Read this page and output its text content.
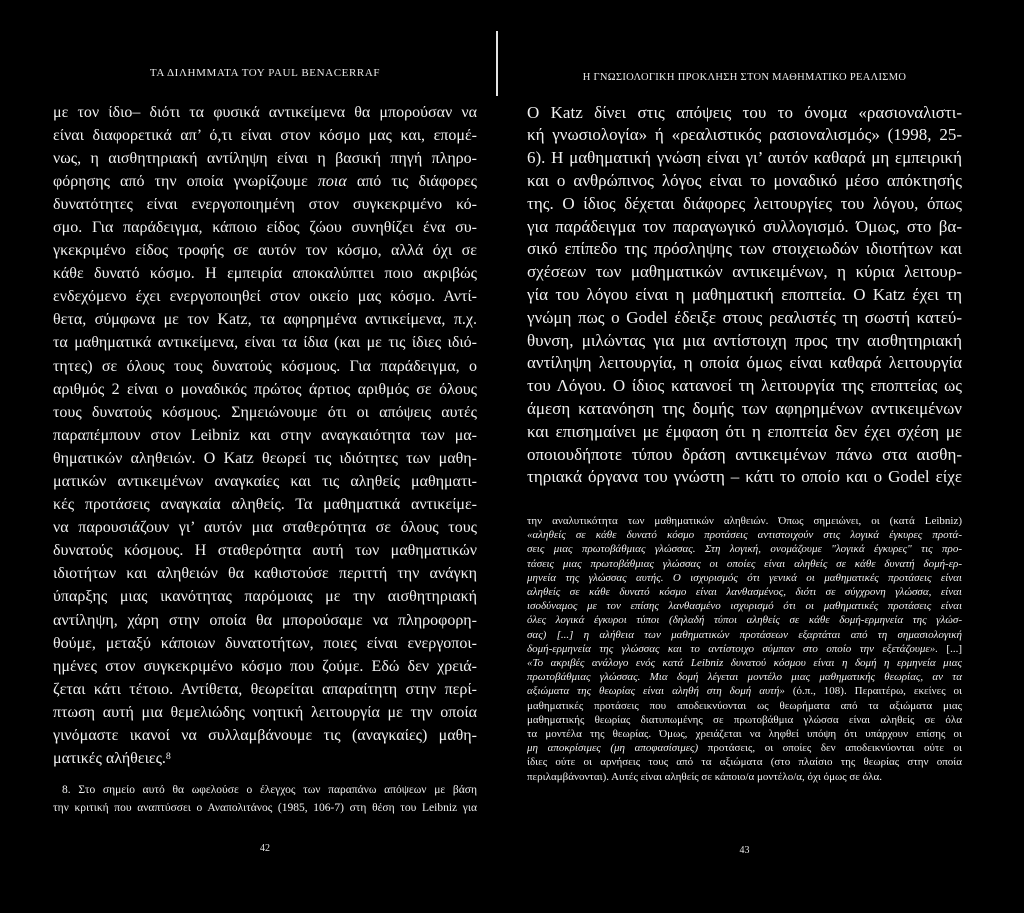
ΤΑ ΔΙΛΗΜΜΑΤΑ ΤΟΥ PAUL BENACERRAF
με τον ίδιο– διότι τα φυσικά αντικείμενα θα μπορούσαν να
είναι διαφορετικά απ’ ό,τι είναι στον κόσμο μας και, επομέ-
νως, η αισθητηριακή αντίληψη είναι η βασική πηγή πληρο-
φόρησης από την οποία γνωρίζουμε ποια από τις διάφορες
δυνατότητες είναι ενεργοποιημένη στον συγκεκριμένο κό-
σμο. Για παράδειγμα, κάποιο είδος ζώου συνηθίζει ένα συ-
γκεκριμένο είδος τροφής σε αυτόν τον κόσμο, αλλά όχι σε
κάθε δυνατό κόσμο. Η εμπειρία αποκαλύπτει ποιο ακριβώς
ενδεχόμενο έχει ενεργοποιηθεί στον οικείο μας κόσμο. Αντί-
θετα, σύμφωνα με τον Katz, τα αφηρημένα αντικείμενα, π.χ.
τα μαθηματικά αντικείμενα, είναι τα ίδια (και με τις ίδιες ιδιό-
τητες) σε όλους τους δυνατούς κόσμους. Για παράδειγμα, ο
αριθμός 2 είναι ο μοναδικός πρώτος άρτιος αριθμός σε όλους
τους δυνατούς κόσμους. Σημειώνουμε ότι οι απόψεις αυτές
παραπέμπουν στον Leibniz και στην αναγκαιότητα των μα-
θηματικών αληθειών. Ο Katz θεωρεί τις ιδιότητες των μαθη-
ματικών αντικειμένων αναγκαίες και τις αληθείς μαθηματι-
κές προτάσεις αναγκαία αληθείς. Τα μαθηματικά αντικείμε-
να παρουσιάζουν γι’ αυτόν μια σταθερότητα σε όλους τους
δυνατούς κόσμους. Η σταθερότητα αυτή των μαθηματικών
ιδιοτήτων και αληθειών θα καθιστούσε περιττή την ανάγκη
ύπαρξης μιας ικανότητας παρόμοιας με την αισθητηριακή
αντίληψη, χάρη στην οποία θα μπορούσαμε να πληροφορη-
θούμε, μεταξύ κάποιων δυνατοτήτων, ποιες είναι ενεργοποι-
ημένες στον συγκεκριμένο κόσμο που ζούμε. Εδώ δεν χρειά-
ζεται κάτι τέτοιο. Αντίθετα, θεωρείται απαραίτητη στην περί-
πτωση αυτή μια θεμελιώδης νοητική λειτουργία με την οποία
γινόμαστε ικανοί να συλλαμβάνουμε τις (αναγκαίες) μαθη-
ματικές αλήθειες.$^8$
8. Στο σημείο αυτό θα ωφελούσε ο έλεγχος των παραπάνω απόψεων με βάση
την κριτική που αναπτύσσει ο Αναπολιτάνος (1985, 106-7) στη θέση του Leibniz για
42
Η ΓΝΩΣΙΟΛΟΓΙΚΗ ΠΡΟΚΛΗΣΗ ΣΤΟΝ ΜΑΘΗΜΑΤΙΚΟ ΡΕΑΛΙΣΜΟ
Ο Katz δίνει στις απόψεις του το όνομα «ρασιοναλιστι-
κή γνωσιολογία» ή «ρεαλιστικός ρασιοναλισμός» (1998, 25-
6). Η μαθηματική γνώση είναι γι’ αυτόν καθαρά μη εμπειρική
και ο ανθρώπινος λόγος είναι το μοναδικό μέσο απόκτησής
της. Ο ίδιος δέχεται διάφορες λειτουργίες του λόγου, όπως
για παράδειγμα τον παραγωγικό συλλογισμό. Όμως, στο βα-
σικό επίπεδο της πρόσληψης των στοιχειωδών ιδιοτήτων και
σχέσεων των μαθηματικών αντικειμένων, η κύρια λειτουρ-
γία του λόγου είναι η μαθηματική εποπτεία. Ο Katz έχει τη
γνώμη πως ο Godel έδειξε στους ρεαλιστές τη σωστή κατεύ-
θυνση, μιλώντας για μια αντίστοιχη προς την αισθητηριακή
αντίληψη λειτουργία, η οποία όμως είναι καθαρά λειτουργία
του Λόγου. Ο ίδιος κατανοεί τη λειτουργία της εποπτείας ως
άμεση κατανόηση της δομής των αφηρημένων αντικειμένων
και επισημαίνει με έμφαση ότι η εποπτεία δεν έχει σχέση με
οποιουδήποτε τύπου δράση αντικειμένων πάνω στα αισθη-
τηριακά όργανα του γνώστη – κάτι το οποίο και ο Godel είχε
την αναλυτικότητα των μαθηματικών αληθειών. Όπως σημειώνει, οι (κατά Leibniz)
«αληθείς σε κάθε δυνατό κόσμο προτάσεις αντιστοιχούν στις λογικά έγκυρες προτά-
σεις μιας πρωτοβάθμιας γλώσσας. Στη λογική, ονομάζουμε "λογικά έγκυρες" τις προ-
τάσεις μιας πρωτοβάθμιας γλώσσας οι οποίες είναι αληθείς σε κάθε δυνατή δομή-ερ-
μηνεία της γλώσσας αυτής. Ο ισχυρισμός ότι γενικά οι μαθηματικές προτάσεις είναι
αληθείς σε κάθε δυνατό κόσμο είναι λανθασμένος, διότι σε σύγχρονη γλώσσα, είναι
ισοδύναμος με τον επίσης λανθασμένο ισχυρισμό ότι οι μαθηματικές προτάσεις είναι
όλες λογικά έγκυροι τύποι (δηλαδή τύποι αληθείς σε κάθε δομή-ερμηνεία της γλώσ-
σας) [...] η αλήθεια των μαθηματικών προτάσεων εξαρτάται από τη σημασιολογική
δομή-ερμηνεία της γλώσσας και το αντίστοιχο σύμπαν στο οποίο την εξετάζουμε». [...]
«Το ακριβές ανάλογο ενός κατά Leibniz δυνατού κόσμου είναι η δομή η ερμηνεία μιας
πρωτοβάθμιας γλώσσας. Μια δομή λέγεται μοντέλο μιας μαθηματικής θεωρίας, αν τα
αξιώματα της θεωρίας είναι αληθή στη δομή αυτή» (ό.π., 108). Περαιτέρω, εκείνες οι
μαθηματικές προτάσεις που αποδεικνύονται ως θεωρήματα από τα αξιώματα μιας
μαθηματικής θεωρίας διατυπωμένης σε πρωτοβάθμια γλώσσα είναι αληθείς σε όλα
τα μοντέλα της θεωρίας. Όμως, χρειάζεται να ληφθεί υπόψη ότι υπάρχουν επίσης οι
μη αποκρίσιμες (μη αποφασίσιμες) προτάσεις, οι οποίες δεν αποδεικνύονται ούτε οι
ίδιες ούτε οι αρνήσεις τους από τα αξιώματα (στο πλαίσιο της θεωρίας στην οποία
περιλαμβάνονται). Αυτές είναι αληθείς σε κάποιο/α μοντέλο/α, όχι όμως σε όλα.
43
